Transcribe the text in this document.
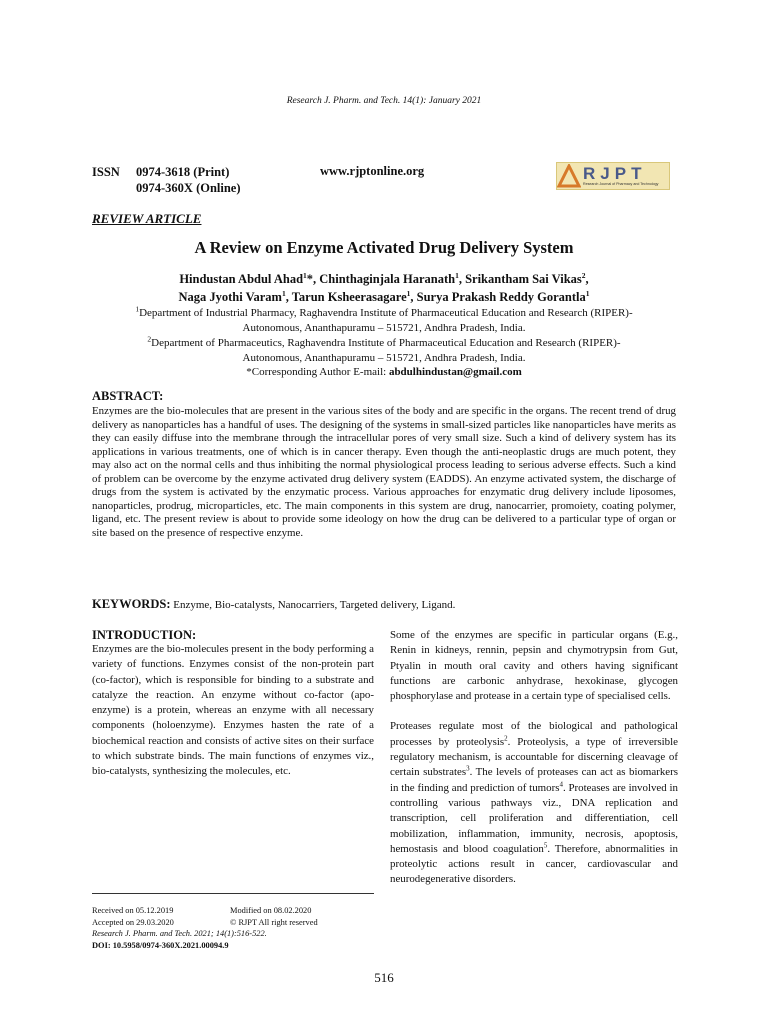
Research J. Pharm. and Tech. 14(1): January 2021
ISSN	0974-3618 (Print)
0974-360X (Online)
www.rjptonline.org	RJPT
Research Journal of Pharmacy and Technology
REVIEW ARTICLE
A Review on Enzyme Activated Drug Delivery System
Hindustan Abdul Ahad$^1$*, Chinthaginjala Haranath$^1$, Srikantham Sai Vikas$^2$,
Naga Jyothi Varam$^1$, Tarun Ksheerasagare$^1$, Surya Prakash Reddy Gorantla$^1$
$^1$Department of Industrial Pharmacy, Raghavendra Institute of Pharmaceutical Education and Research (RIPER)-
Autonomous, Ananthapuramu – 515721, Andhra Pradesh, India.
$^2$Department of Pharmaceutics, Raghavendra Institute of Pharmaceutical Education and Research (RIPER)-
Autonomous, Ananthapuramu – 515721, Andhra Pradesh, India.
*Corresponding Author E-mail: abdulhindustan@gmail.com
ABSTRACT:
Enzymes are the bio-molecules that are present in the various sites of the body and are specific in the organs. The recent trend of drug delivery as nanoparticles has a handful of uses. The designing of the systems in small-sized particles like nanoparticles have merits as they can easily diffuse into the membrane through the intracellular pores of very small size. Such a kind of delivery system has its applications in various treatments, one of which is in cancer therapy. Even though the anti-neoplastic drugs are much potent, they may also act on the normal cells and thus inhibiting the normal physiological process leading to serious adverse effects. Such a kind of problem can be overcome by the enzyme activated drug delivery system (EADDS). An enzyme activated system, the discharge of drugs from the system is activated by the enzymatic process. Various approaches for enzymatic drug delivery include liposomes, nanoparticles, prodrug, microparticles, etc. The main components in this system are drug, nanocarrier, promoiety, coating polymer, ligand, etc. The present review is about to provide some ideology on how the drug can be delivered to a particular type of organ or site based on the presence of respective enzyme.
KEYWORDS: Enzyme, Bio-catalysts, Nanocarriers, Targeted delivery, Ligand.
INTRODUCTION:
Enzymes are the bio-molecules present in the body performing a variety of functions. Enzymes consist of the non-protein part (co-factor), which is responsible for binding to a substrate and catalyze the reaction. An enzyme without co-factor (apo-enzyme) is a protein, whereas an enzyme with all necessary components (holoenzyme). Enzymes hasten the rate of a biochemical reaction and consists of active sites on their surface to which substrate binds. The main functions of enzymes viz., bio-catalysts, synthesizing the molecules, etc.

Some of the enzymes are specific in particular organs (E.g., Renin in kidneys, rennin, pepsin and chymotrypsin from Gut, Ptyalin in mouth oral cavity and others having significant functions are carbonic anhydrase, hexokinase, glycogen phosphorylase and protease in a certain type of specialised cells.

Proteases regulate most of the biological and pathological processes by proteolysis$^2$. Proteolysis, a type of irreversible regulatory mechanism, is accountable for discerning cleavage of certain substrates$^3$. The levels of proteases can act as biomarkers in the finding and prediction of tumors$^4$. Proteases are involved in controlling various pathways viz., DNA replication and transcription, cell proliferation and differentiation, cell mobilization, inflammation, immunity, necrosis, apoptosis, hemostasis and blood coagulation$^5$. Therefore, abnormalities in proteolytic actions result in cancer, cardiovascular and neurodegenerative disorders.

Received on 05.12.2019	Modified on 08.02.2020
Accepted on 29.03.2020	© RJPT All right reserved
Research J. Pharm. and Tech. 2021; 14(1):516-522.
DOI: 10.5958/0974-360X.2021.00094.9
516
